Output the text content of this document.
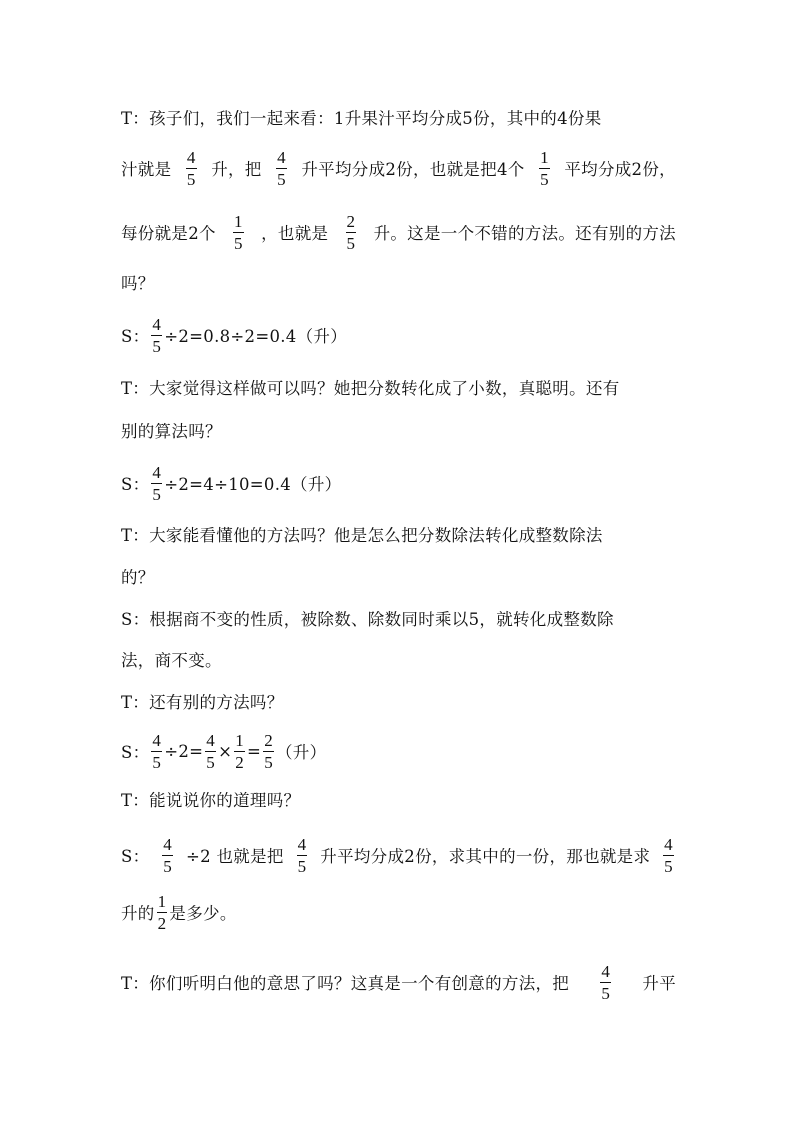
T：孩子们，我们一起来看：1升果汁平均分成5份，其中的4份果
汁就是 $\frac{4}{5}$ 升，把 $\frac{4}{5}$ 升平均分成2份，也就是把4个 $\frac{1}{5}$ 平均分成2份，
每份就是2个 $\frac{1}{5}$ ，也就是 $\frac{2}{5}$ 升。这是一个不错的方法。还有别的方法
吗？
S： $\frac{4}{5} \div 2=0.8\div 2=0.4$（升）
T：大家觉得这样做可以吗？她把分数转化成了小数，真聪明。还有
别的算法吗？
S： $\frac{4}{5} \div 2=4\div 10=0.4$（升）
T：大家能看懂他的方法吗？他是怎么把分数除法转化成整数除法
的？
S：根据商不变的性质，被除数、除数同时乘以5，就转化成整数除
法，商不变。
T：还有别的方法吗？
S： $\frac{4}{5} \div 2= \frac{4}{5} \times \frac{1}{2} = \frac{2}{5}$ （升）
T：能说说你的道理吗？
S： $\frac{4}{5} \div 2$ 也就是把 $\frac{4}{5}$ 升平均分成2份，求其中的一份，那也就是求 $\frac{4}{5}$
升的 $\frac{1}{2}$ 是多少。
T：你们听明白他的意思了吗？这真是一个有创意的方法，把 $\frac{4}{5}$ 升平
